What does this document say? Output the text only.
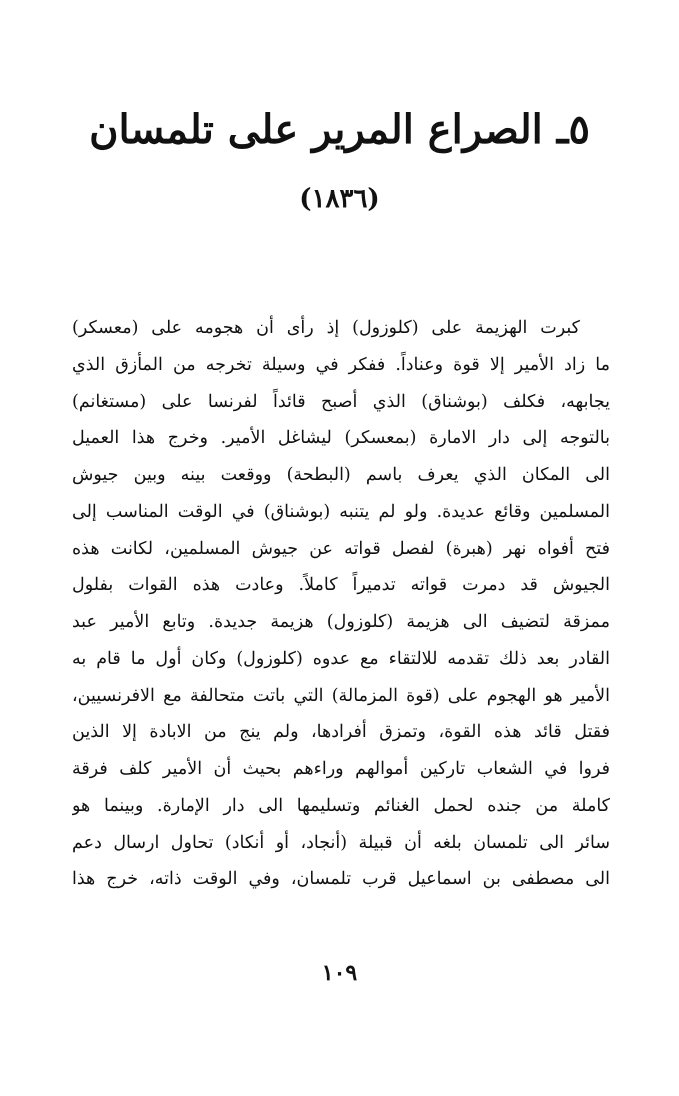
٥ـ الصراع المرير على تلمسان
(١٨٣٦)
كبرت الهزيمة على (كلوزول) إذ رأى أن هجومه على (معسكر)
ما زاد الأمير إلا قوة وعناداً. ففكر في وسيلة تخرجه من المأزق الذي
يجابهه، فكلف (بوشناق) الذي أصبح قائداً لفرنسا على (مستغانم)
بالتوجه إلى دار الامارة (بمعسكر) ليشاغل الأمير. وخرج هذا العميل
الى المكان الذي يعرف باسم (البطحة) ووقعت بينه وبين جيوش
المسلمين وقائع عديدة. ولو لم يتنبه (بوشناق) في الوقت المناسب إلى
فتح أفواه نهر (هبرة) لفصل قواته عن جيوش المسلمين، لكانت هذه
الجيوش قد دمرت قواته تدميراً كاملاً. وعادت هذه القوات بفلول
ممزقة لتضيف الى هزيمة (كلوزول) هزيمة جديدة. وتابع الأمير عبد
القادر بعد ذلك تقدمه للالتقاء مع عدوه (كلوزول) وكان أول ما قام به
الأمير هو الهجوم على (قوة المزمالة) التي باتت متحالفة مع الافرنسيين،
فقتل قائد هذه القوة، وتمزق أفرادها، ولم ينج من الابادة إلا الذين
فروا في الشعاب تاركين أموالهم وراءهم بحيث أن الأمير كلف فرقة
كاملة من جنده لحمل الغنائم وتسليمها الى دار الإمارة. وبينما هو
سائر الى تلمسان بلغه أن قبيلة (أنجاد، أو أنكاد) تحاول ارسال دعم
الى مصطفى بن اسماعيل قرب تلمسان، وفي الوقت ذاته، خرج هذا
١٠٩
